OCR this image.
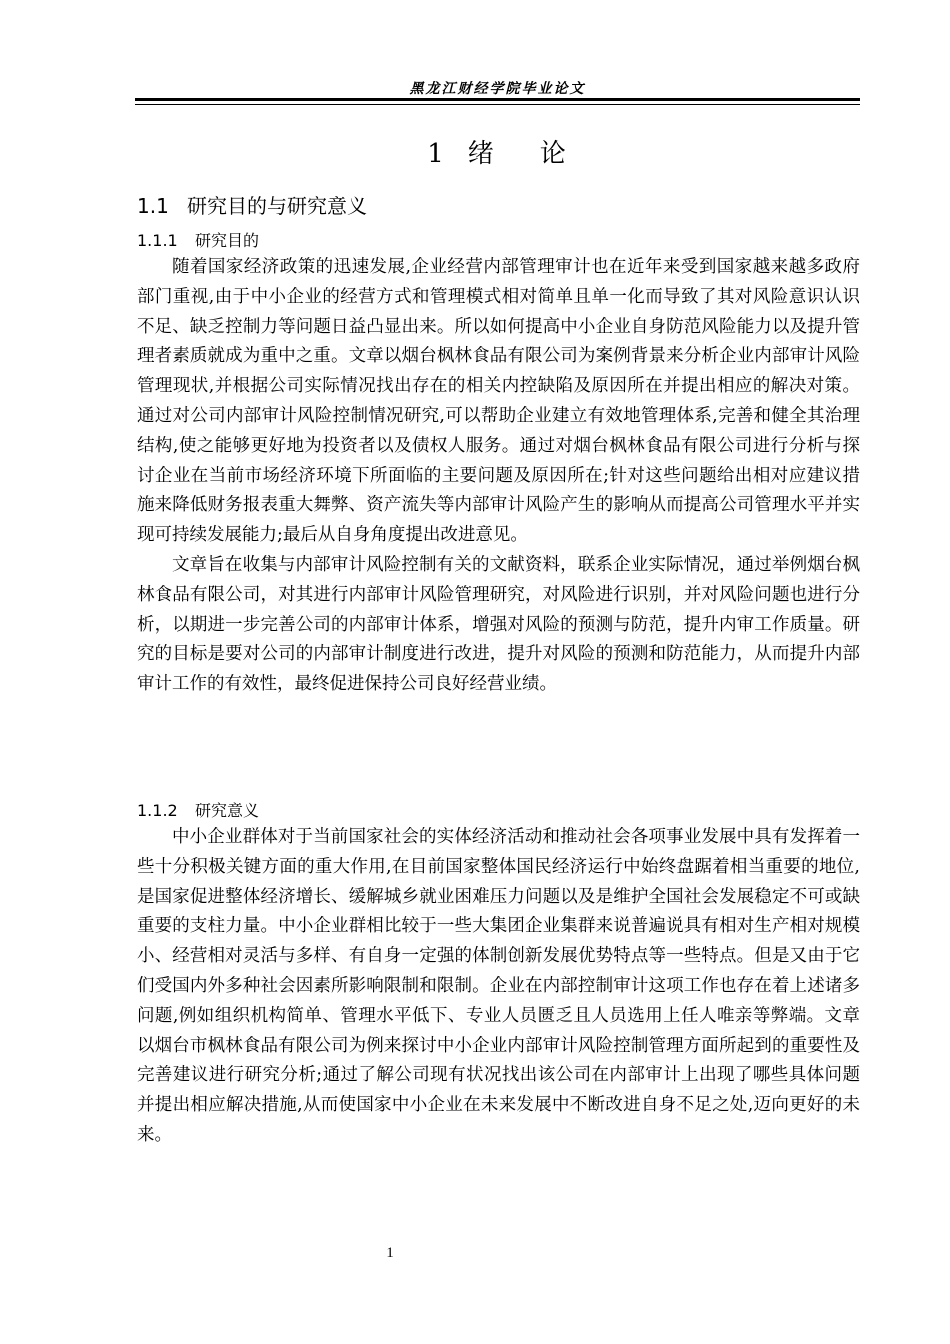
黑龙江财经学院毕业论文
1 绪 论
1.1 研究目的与研究意义
1.1.1 研究目的

随着国家经济政策的迅速发展,企业经营内部管理审计也在近年来受到国家越来越多政府部门重视,由于中小企业的经营方式和管理模式相对简单且单一化而导致了其对风险意识认识不足、缺乏控制力等问题日益凸显出来。所以如何提高中小企业自身防范风险能力以及提升管理者素质就成为重中之重。文章以烟台枫林食品有限公司为案例背景来分析企业内部审计风险管理现状,并根据公司实际情况找出存在的相关内控缺陷及原因所在并提出相应的解决对策。通过对公司内部审计风险控制情况研究,可以帮助企业建立有效地管理体系,完善和健全其治理结构,使之能够更好地为投资者以及债权人服务。通过对烟台枫林食品有限公司进行分析与探讨企业在当前市场经济环境下所面临的主要问题及原因所在;针对这些问题给出相对应建议措施来降低财务报表重大舞弊、资产流失等内部审计风险产生的影响从而提高公司管理水平并实现可持续发展能力;最后从自身角度提出改进意见。

文章旨在收集与内部审计风险控制有关的文献资料，联系企业实际情况，通过举例烟台枫林食品有限公司，对其进行内部审计风险管理研究，对风险进行识别，并对风险问题也进行分析，以期进一步完善公司的内部审计体系，增强对风险的预测与防范，提升内审工作质量。研究的目标是要对公司的内部审计制度进行改进，提升对风险的预测和防范能力，从而提升内部审计工作的有效性，最终促进保持公司良好经营业绩。

1.1.2 研究意义

中小企业群体对于当前国家社会的实体经济活动和推动社会各项事业发展中具有发挥着一些十分积极关键方面的重大作用,在目前国家整体国民经济运行中始终盘踞着相当重要的地位,是国家促进整体经济增长、缓解城乡就业困难压力问题以及是维护全国社会发展稳定不可或缺重要的支柱力量。中小企业群相比较于一些大集团企业集群来说普遍说具有相对生产相对规模小、经营相对灵活与多样、有自身一定强的体制创新发展优势特点等一些特点。但是又由于它们受国内外多种社会因素所影响限制和限制。企业在内部控制审计这项工作也存在着上述诸多问题,例如组织机构简单、管理水平低下、专业人员匮乏且人员选用上任人唯亲等弊端。文章以烟台市枫林食品有限公司为例来探讨中小企业内部审计风险控制管理方面所起到的重要性及完善建议进行研究分析;通过了解公司现有状况找出该公司在内部审计上出现了哪些具体问题并提出相应解决措施,从而使国家中小企业在未来发展中不断改进自身不足之处,迈向更好的未来。

1
